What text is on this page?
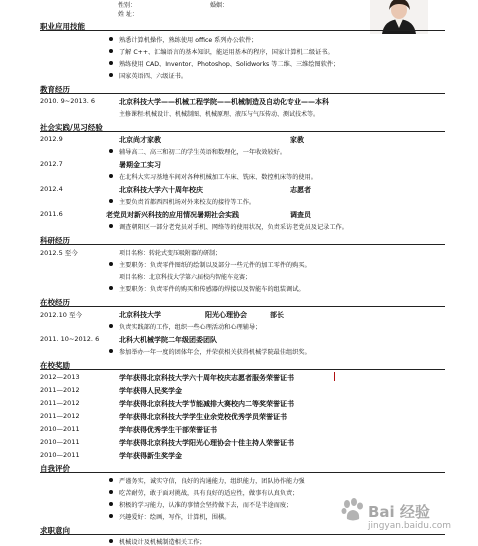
性别：	婚姻：
姓 址：
职业应用技能
熟悉计算机操作，熟练使用 office 系列办公软件；
了解 C++、汇编语言的基本知识，能运用基本的程序，国家计算机二级证书。
熟练使用 CAD、Inventor、Photoshop、Solidworks 等二维、三维绘图软件；
国家英语四、六级证书。
教育经历
2010. 9~2013. 6	北京科技大学——机械工程学院——机械制造及自动化专业——本科
主修课程:机械设计、机械制图、机械原理、液压与气压传动、测试技术等。
社会实践/见习经验
2012.9	北京尚才家教	家教
辅导高二、高三和初二的学生英语和数理化，一年收效较好。
2012.7	暑期金工实习
在北科大实习基地车间对各种机械加工车床、铣床、数控机床等的使用。
2012.4	北京科技大学六十周年校庆	志愿者
主要负责首都西四机场对外来校友的接待等工作。
2011.6	老党员对新兴科技的应用情况暑期社会实践	调查员
调查朝阳区一部分老党员对手机、网络等的使用状况，负责采访老党员及记录工作。
科研经历
2012.5 至今	项目名称：转轮式变压吸附器的研制；
主要职务：负责零件图纸的绘制以及部分一些元件的加工零件的购买。
项目名称：北京科技大学第六届校内智能车竞赛；
主要职务：负责零件的购买和传感器的焊接以及智能车的组装调试。
在校经历
2012.10 至今	北京科技大学	阳光心理协会	部长
负责实践部的工作，组织一些心理活动和心理辅导；
2011. 10~2012. 6	北科大机械学院二年级团委团队
参加举办一年一度的团体年会，并荣获相关获得机械学院最佳组织奖。
在校奖励
2012—2013	学年获得北京科技大学六十周年校庆志愿者服务荣誉证书
2011—2012	学年获得人民奖学金
2011—2012	学年获得北京科技大学节能减排大赛校内二等奖荣誉证书
2011—2012	学年获得北京科技大学学生业余党校优秀学员荣誉证书
2010—2011	学年获得优秀学生干部荣誉证书
2010—2011	学年获得北京科技大学阳光心理协会十佳主持人荣誉证书
2010—2011	学年获得新生奖学金
自我评价
严谨务实，诚实守信，良好的沟通能力，组织能力，团队协作能力强
吃苦耐劳，敢于面对挑战，具有良好的适应性，做事有认真负责；
积极的学习能力，认准的事情会坚持做下去，而不是半途而废；
兴趣爱好：绘画，写作，计算机，围棋。
求职意向
机械设计及机械制造相关工作；
Bai 经验
jingyan.baidu.com
